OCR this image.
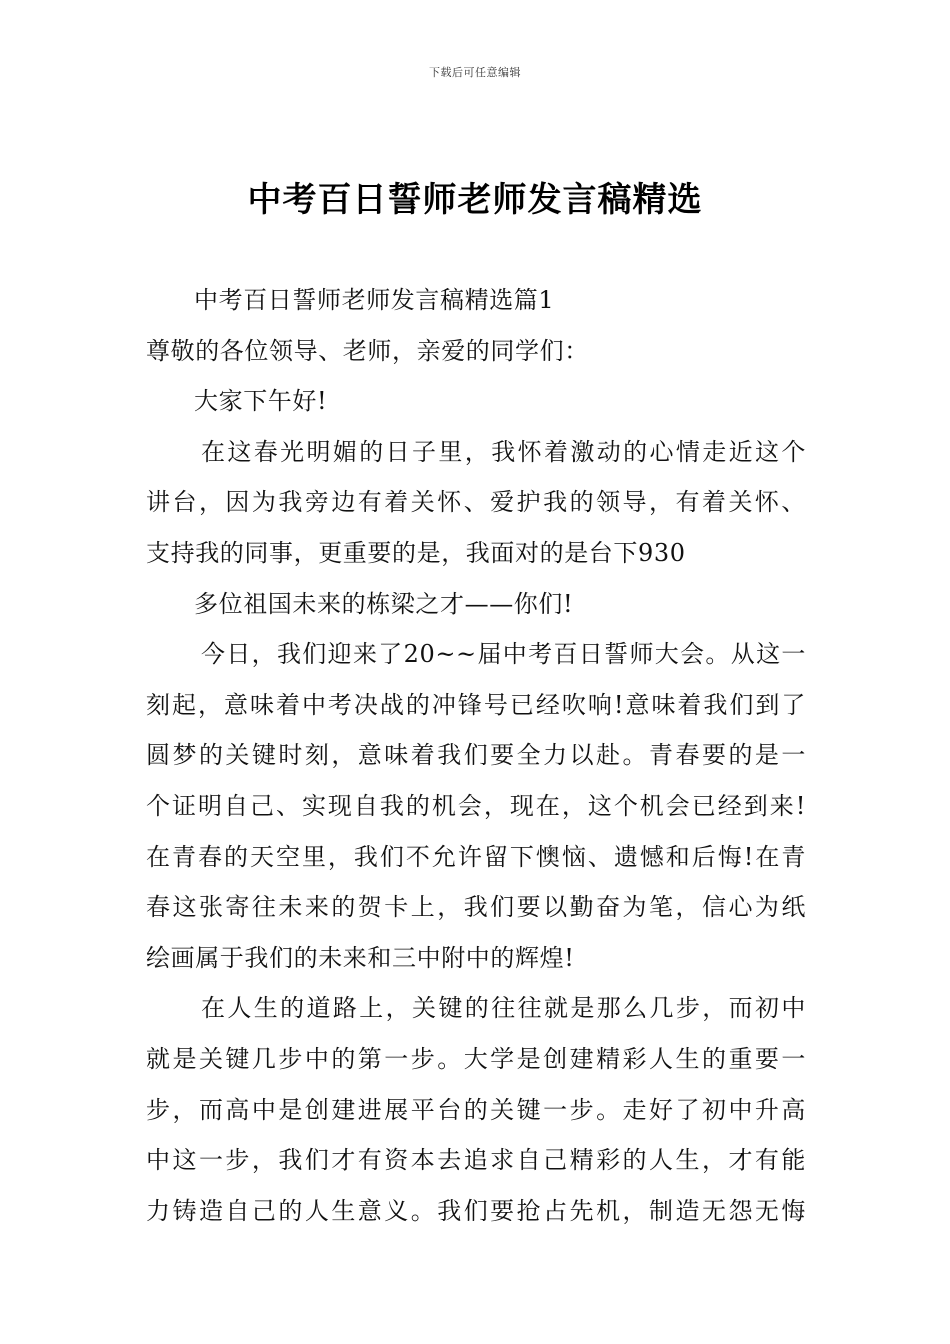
下载后可任意编辑
中考百日誓师老师发言稿精选
中考百日誓师老师发言稿精选篇1
尊敬的各位领导、老师，亲爱的同学们：
大家下午好!
在这春光明媚的日子里，我怀着激动的心情走近这个
讲台，因为我旁边有着关怀、爱护我的领导，有着关怀、
支持我的同事，更重要的是，我面对的是台下930
多位祖国未来的栋梁之才——你们!
今日，我们迎来了20~~届中考百日誓师大会。从这一
刻起，意味着中考决战的冲锋号已经吹响!意味着我们到了
圆梦的关键时刻，意味着我们要全力以赴。青春要的是一
个证明自己、实现自我的机会，现在，这个机会已经到来!
在青春的天空里，我们不允许留下懊恼、遗憾和后悔!在青
春这张寄往未来的贺卡上，我们要以勤奋为笔，信心为纸
绘画属于我们的未来和三中附中的辉煌!
在人生的道路上，关键的往往就是那么几步，而初中
就是关键几步中的第一步。大学是创建精彩人生的重要一
步，而高中是创建进展平台的关键一步。走好了初中升高
中这一步，我们才有资本去追求自己精彩的人生，才有能
力铸造自己的人生意义。我们要抢占先机，制造无怨无悔
